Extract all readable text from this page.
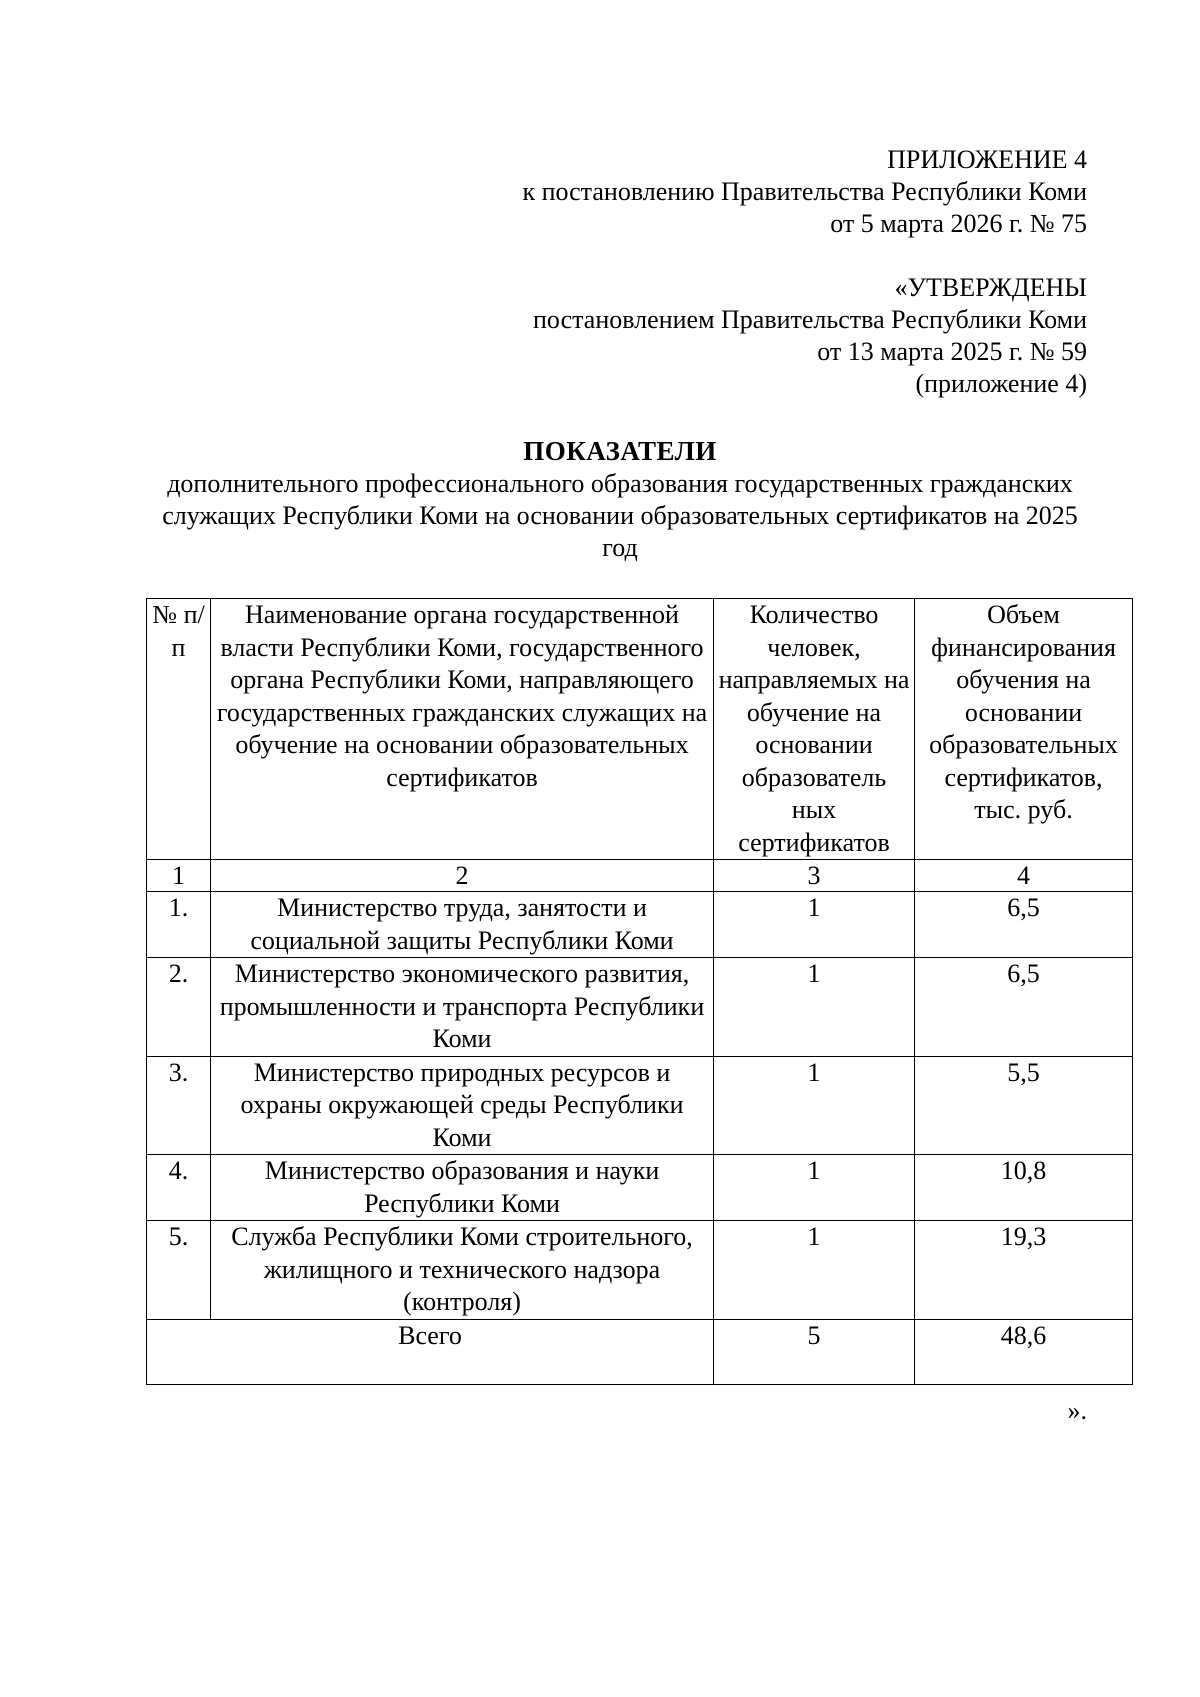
ПРИЛОЖЕНИЕ 4
к постановлению Правительства Республики Коми
от 5 марта 2026 г. № 75
«УТВЕРЖДЕНЫ
постановлением Правительства Республики Коми
от 13 марта 2025 г. № 59
(приложение 4)
ПОКАЗАТЕЛИ
дополнительного профессионального образования государственных гражданских служащих Республики Коми на основании образовательных сертификатов на 2025 год
№ п/п	Наименование органа государственной власти Республики Коми, государственного органа Республики Коми, направляющего государственных гражданских служащих на обучение на основании образовательных сертификатов	Количество человек, направляемых на обучение на основании образователь ных сертификатов	Объем финансирования обучения на основании образовательных сертификатов, тыс. руб.
1	2	3	4
1.	Министерство труда, занятости и социальной защиты Республики Коми	1	6,5
2.	Министерство экономического развития, промышленности и транспорта Республики Коми	1	6,5
3.	Министерство природных ресурсов и охраны окружающей среды Республики Коми	1	5,5
4.	Министерство образования и науки Республики Коми	1	10,8
5.	Служба Республики Коми строительного, жилищного и технического надзора (контроля)	1	19,3
Всего		5	48,6
».
